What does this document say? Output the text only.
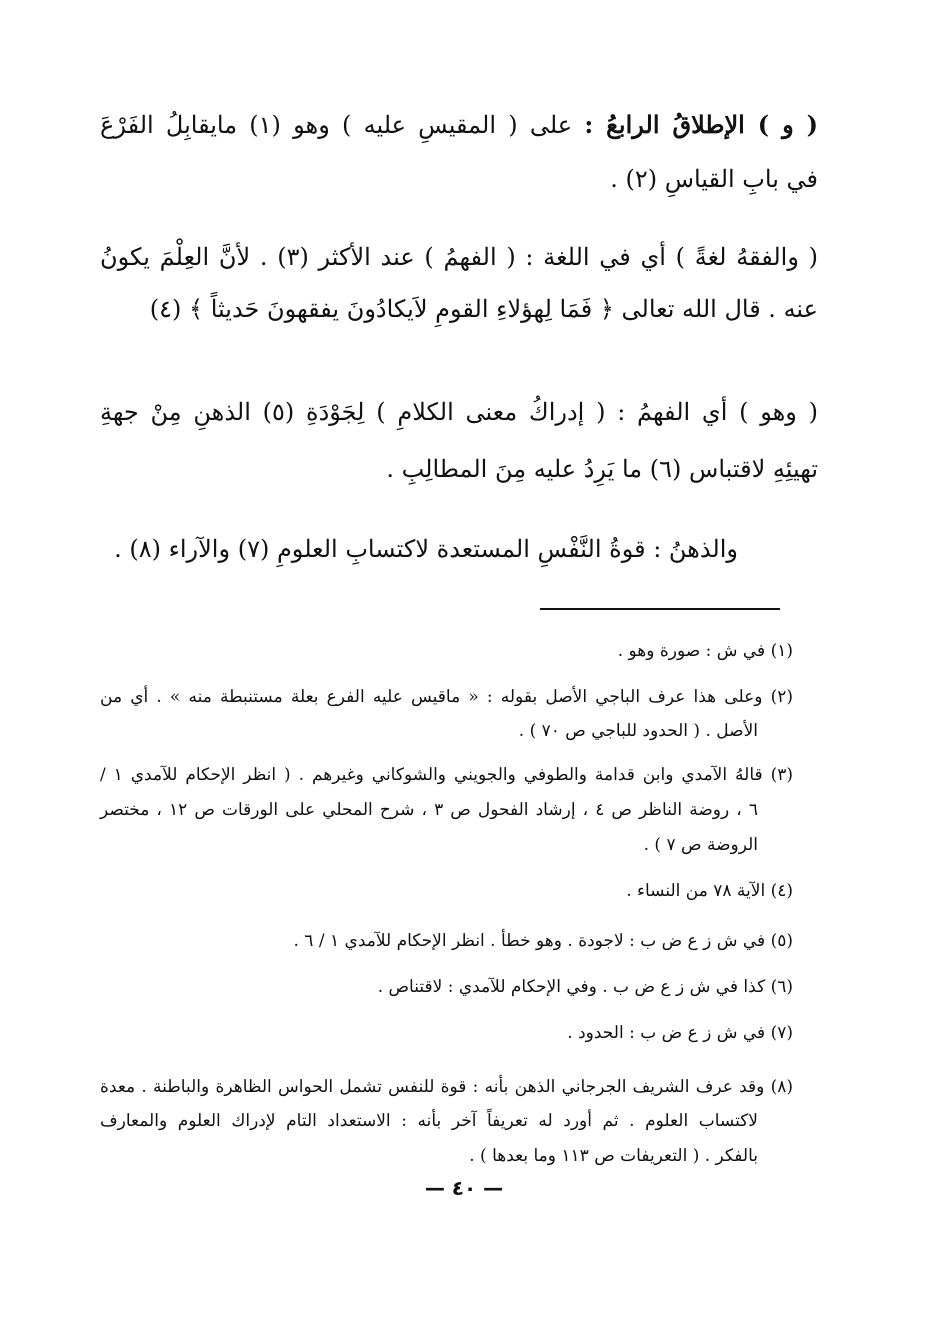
( و ) الإطلاقُ الرابعُ : على ( المقيسِ عليه ) وهو (١) مايقابِلُ الفَرْعَ
في بابِ القياسِ (٢) .
( والفقهُ لغةً ) أي في اللغة : ( الفهمُ ) عند الأكثر (٣) . لأنَّ العِلْمَ يكونُ
عنه . قال الله تعالى ﴿ فَمَا لِهؤلاءِ القومِ لاَيكادُونَ يفقهونَ حَديثاً ﴾ (٤)
( وهو ) أي الفهمُ : ( إدراكُ معنى الكلامِ ) لِجَوْدَةِ (٥) الذهنِ مِنْ جهةِ
تهيئِهِ لاقتباس (٦) ما يَرِدُ عليه مِنَ المطالِبِ .
والذهنُ : قوةُ النَّفْسِ المستعدة لاكتسابِ العلومِ (٧) والآراء (٨) .
(١) في ش : صورة وهو .
(٢) وعلى هذا عرف الباجي الأصل بقوله : « ماقيس عليه الفرع بعلة مستنبطة منه » . أي من
الأصل . ( الحدود للباجي ص ٧٠ ) .
(٣) قالهُ الآمدي وابن قدامة والطوفي والجويني والشوكاني وغيرهم . ( انظر الإحكام للآمدي ١ /
٦ ، روضة الناظر ص ٤ ، إرشاد الفحول ص ٣ ، شرح المحلي على الورقات ص ١٢ ، مختصر
الروضة ص ٧ ) .
(٤) الآية ٧٨ من النساء .
(٥) في ش ز ع ض ب : لاجودة . وهو خطأ . انظر الإحكام للآمدي ١ / ٦ .
(٦) كذا في ش ز ع ض ب . وفي الإحكام للآمدي : لاقتناص .
(٧) في ش ز ع ض ب : الحدود .
(٨) وقد عرف الشريف الجرجاني الذهن بأنه : قوة للنفس تشمل الحواس الظاهرة والباطنة . معدة
لاكتساب العلوم . ثم أورد له تعريفاً آخر بأنه : الاستعداد التام لإدراك العلوم والمعارف
بالفكر . ( التعريفات ص ١١٣ وما بعدها ) .
— ٤٠ —
